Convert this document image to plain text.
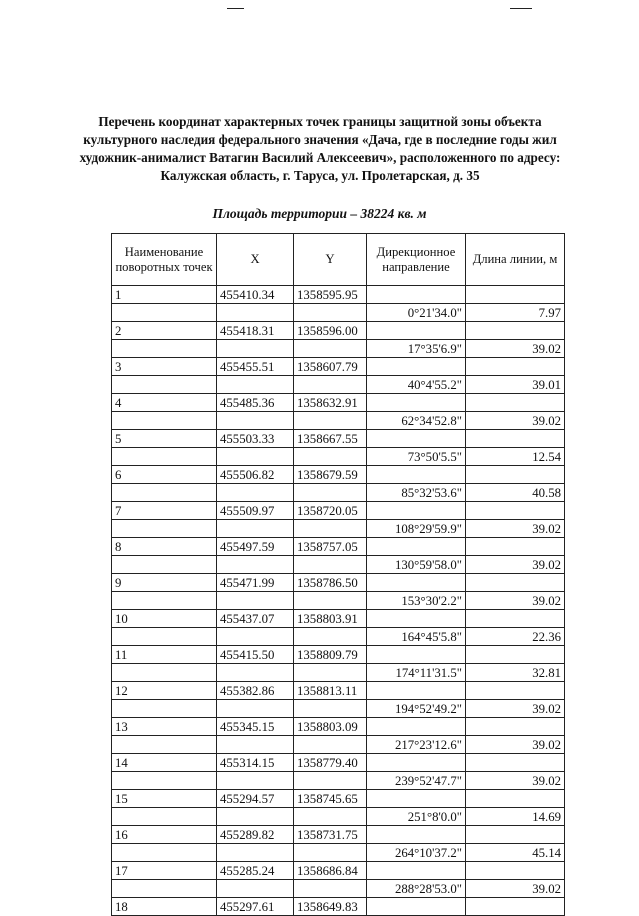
Перечень координат характерных точек границы защитной зоны объекта
культурного наследия федерального значения «Дача, где в последние годы жил
художник-анималист Ватагин Василий Алексеевич», расположенного по адресу:
Калужская область, г. Таруса, ул. Пролетарская, д. 35
Площадь территории – 38224 кв. м
Наименование поворотных точек	X	Y	Дирекционное направление	Длина линии, м
1	455410.34	1358595.95		
			0°21'34.0"	7.97
2	455418.31	1358596.00		
			17°35'6.9"	39.02
3	455455.51	1358607.79		
			40°4'55.2"	39.01
4	455485.36	1358632.91		
			62°34'52.8"	39.02
5	455503.33	1358667.55		
			73°50'5.5"	12.54
6	455506.82	1358679.59		
			85°32'53.6"	40.58
7	455509.97	1358720.05		
			108°29'59.9"	39.02
8	455497.59	1358757.05		
			130°59'58.0"	39.02
9	455471.99	1358786.50		
			153°30'2.2"	39.02
10	455437.07	1358803.91		
			164°45'5.8"	22.36
11	455415.50	1358809.79		
			174°11'31.5"	32.81
12	455382.86	1358813.11		
			194°52'49.2"	39.02
13	455345.15	1358803.09		
			217°23'12.6"	39.02
14	455314.15	1358779.40		
			239°52'47.7"	39.02
15	455294.57	1358745.65		
			251°8'0.0"	14.69
16	455289.82	1358731.75		
			264°10'37.2"	45.14
17	455285.24	1358686.84		
			288°28'53.0"	39.02
18	455297.61	1358649.83		
